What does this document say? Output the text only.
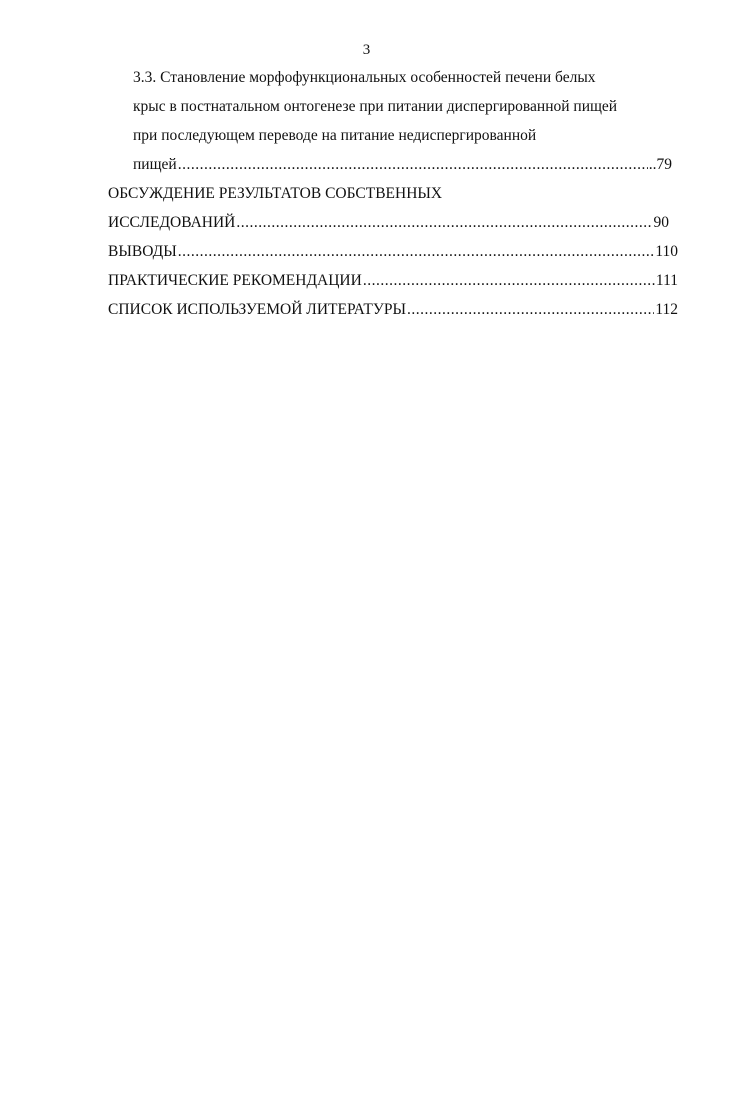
3
3.3. Становление морфофункциональных особенностей печени белых
крыс в постнатальном онтогенезе при питании диспергированной пищей
при последующем переводе на питание недиспергированной
пищей .....	..79
ОБСУЖДЕНИЕ РЕЗУЛЬТАТОВ СОБСТВЕННЫХ
ИССЛЕДОВАНИЙ .....	90
ВЫВОДЫ .....	110
ПРАКТИЧЕСКИЕ РЕКОМЕНДАЦИИ .....	111
СПИСОК ИСПОЛЬЗУЕМОЙ ЛИТЕРАТУРЫ .....	112
